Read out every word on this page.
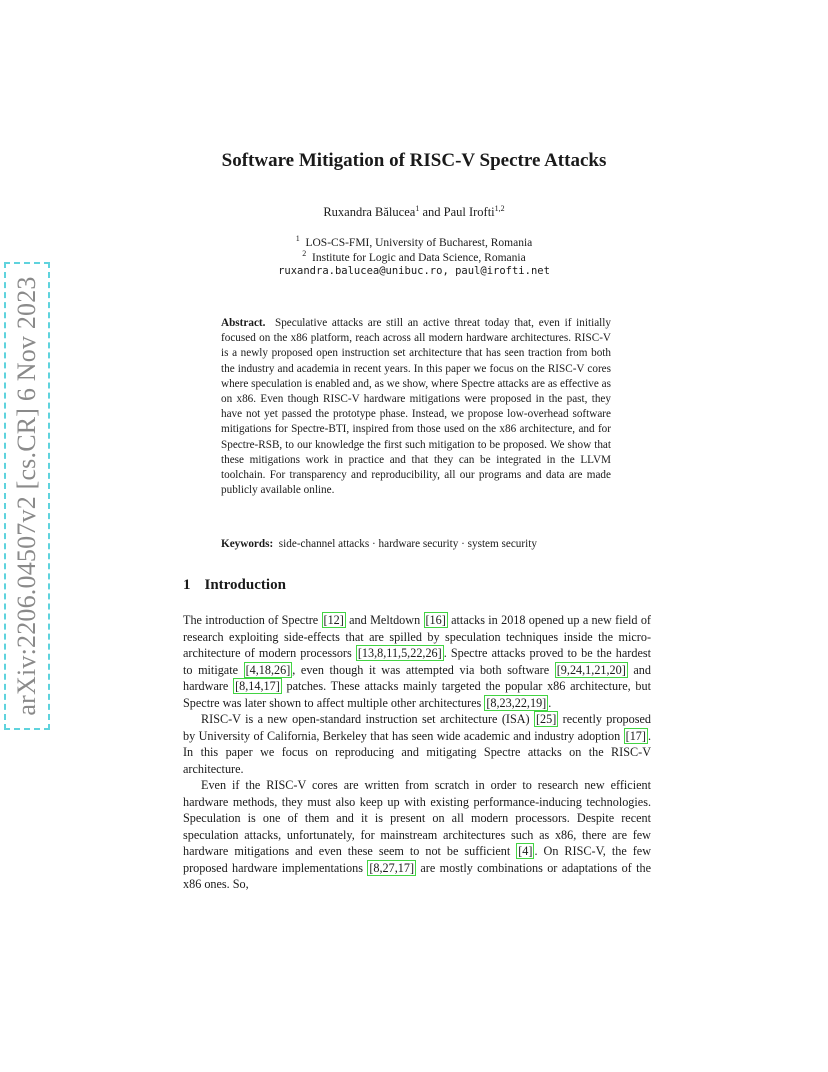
arXiv:2206.04507v2 [cs.CR] 6 Nov 2023
Software Mitigation of RISC-V Spectre Attacks
Ruxandra Bălucea$^1$ and Paul Irofti$^{1,2}$
$^1$ LOS-CS-FMI, University of Bucharest, Romania
$^2$ Institute for Logic and Data Science, Romania
ruxandra.balucea@unibuc.ro, paul@irofti.net
Abstract. Speculative attacks are still an active threat today that, even if initially focused on the x86 platform, reach across all modern hardware architectures. RISC-V is a newly proposed open instruction set architecture that has seen traction from both the industry and academia in recent years. In this paper we focus on the RISC-V cores where speculation is enabled and, as we show, where Spectre attacks are as effective as on x86. Even though RISC-V hardware mitigations were proposed in the past, they have not yet passed the prototype phase. Instead, we propose low-overhead software mitigations for Spectre-BTI, inspired from those used on the x86 architecture, and for Spectre-RSB, to our knowledge the first such mitigation to be proposed. We show that these mitigations work in practice and that they can be integrated in the LLVM toolchain. For transparency and reproducibility, all our programs and data are made publicly available online.
Keywords: side-channel attacks · hardware security · system security
1 Introduction

The introduction of Spectre [12] and Meltdown [16] attacks in 2018 opened up a new field of research exploiting side-effects that are spilled by speculation techniques inside the micro-architecture of modern processors [13,8,11,5,22,26] . Spectre attacks proved to be the hardest to mitigate [4,18,26] , even though it was attempted via both software [9,24,1,21,20] and hardware [8,14,17] patches. These attacks mainly targeted the popular x86 architecture, but Spectre was later shown to affect multiple other architectures [8,23,22,19] .

RISC-V is a new open-standard instruction set architecture (ISA) [25] recently proposed by University of California, Berkeley that has seen wide academic and industry adoption [17] . In this paper we focus on reproducing and mitigating Spectre attacks on the RISC-V architecture.

Even if the RISC-V cores are written from scratch in order to research new efficient hardware methods, they must also keep up with existing performance-inducing technologies. Speculation is one of them and it is present on all modern processors. Despite recent speculation attacks, unfortunately, for mainstream architectures such as x86, there are few hardware mitigations and even these seem to not be sufficient [4] . On RISC-V, the few proposed hardware implementations [8,27,17] are mostly combinations or adaptations of the x86 ones. So,
